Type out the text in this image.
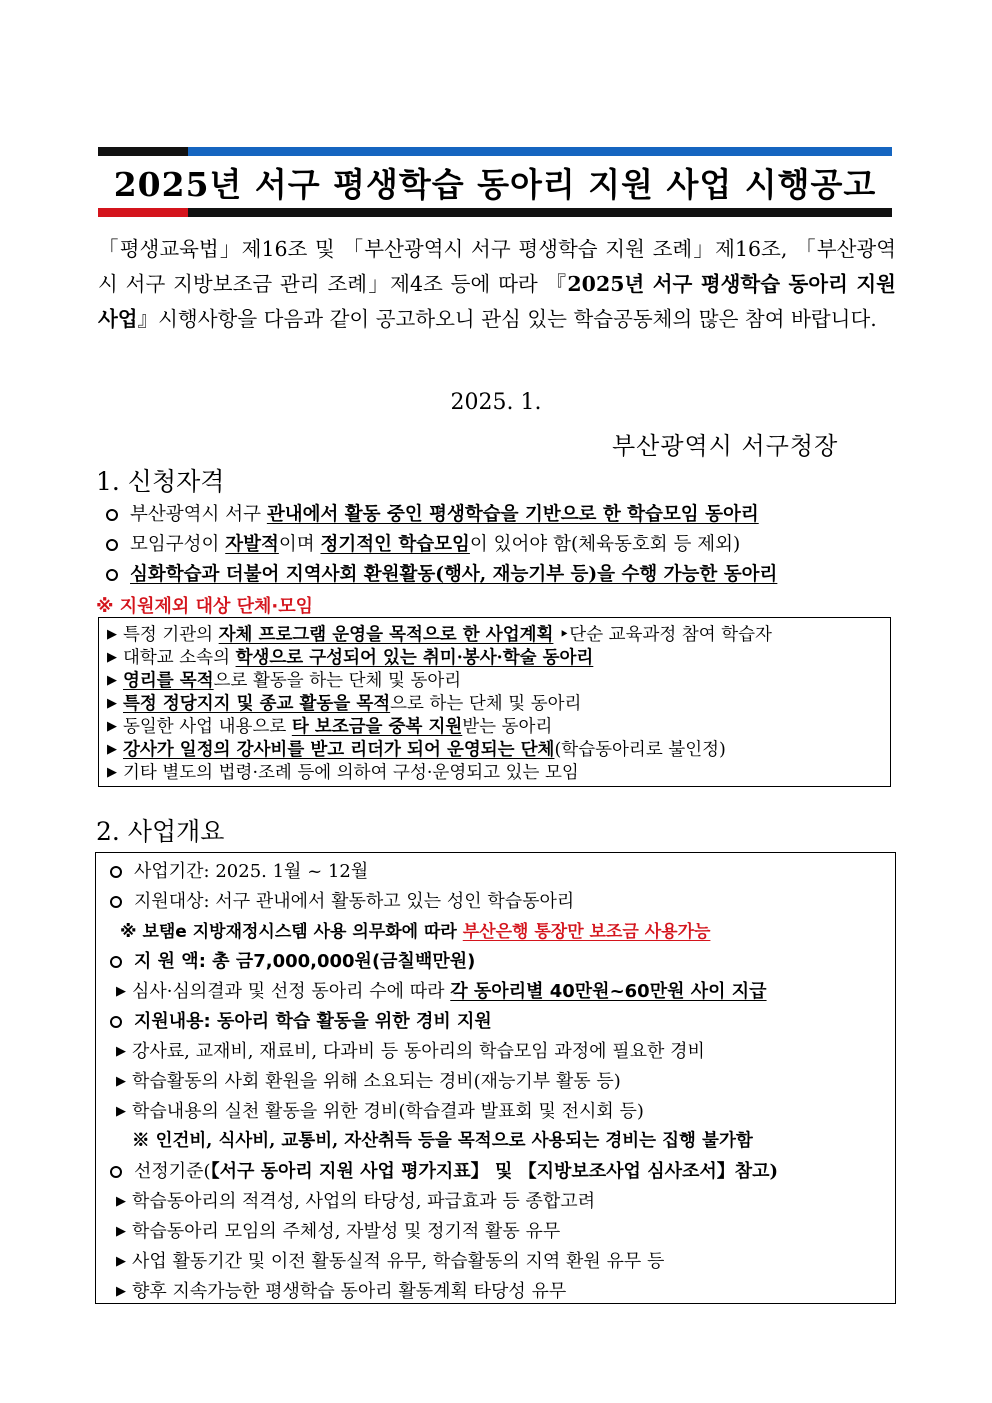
2025년 서구 평생학습 동아리 지원 사업 시행공고
「평생교육법」제16조 및 「부산광역시 서구 평생학습 지원 조례」제16조, 「부산광역시 서구 지방보조금 관리 조례」제4조 등에 따라 『2025년 서구 평생학습 동아리 지원 사업』시행사항을 다음과 같이 공고하오니 관심 있는 학습공동체의 많은 참여 바랍니다.
2025. 1.
부산광역시 서구청장
1. 신청자격
부산광역시 서구 관내에서 활동 중인 평생학습을 기반으로 한 학습모임 동아리
모임구성이 자발적이며 정기적인 학습모임이 있어야 함(체육동호회 등 제외)
심화학습과 더불어 지역사회 환원활동(행사, 재능기부 등)을 수행 가능한 동아리
※ 지원제외 대상 단체·모임
▶ 특정 기관의 자체 프로그램 운영을 목적으로 한 사업계획 ‣단순 교육과정 참여 학습자
▶ 대학교 소속의 학생으로 구성되어 있는 취미·봉사·학술 동아리
▶ 영리를 목적으로 활동을 하는 단체 및 동아리
▶ 특정 정당지지 및 종교 활동을 목적으로 하는 단체 및 동아리
▶ 동일한 사업 내용으로 타 보조금을 중복 지원받는 동아리
▶ 강사가 일정의 강사비를 받고 리더가 되어 운영되는 단체(학습동아리로 불인정)
▶ 기타 별도의 법령·조례 등에 의하여 구성·운영되고 있는 모임
2. 사업개요
사업기간: 2025. 1월 ~ 12월
지원대상: 서구 관내에서 활동하고 있는 성인 학습동아리
※ 보탬e 지방재정시스템 사용 의무화에 따라 부산은행 통장만 보조금 사용가능
지 원 액: 총 금7,000,000원(금칠백만원)
▶ 심사·심의결과 및 선정 동아리 수에 따라 각 동아리별 40만원~60만원 사이 지급
지원내용: 동아리 학습 활동을 위한 경비 지원
▶ 강사료, 교재비, 재료비, 다과비 등 동아리의 학습모임 과정에 필요한 경비
▶ 학습활동의 사회 환원을 위해 소요되는 경비(재능기부 활동 등)
▶ 학습내용의 실천 활동을 위한 경비(학습결과 발표회 및 전시회 등)
※ 인건비, 식사비, 교통비, 자산취득 등을 목적으로 사용되는 경비는 집행 불가함
선정기준(【서구 동아리 지원 사업 평가지표】 및 【지방보조사업 심사조서】참고)
▶ 학습동아리의 적격성, 사업의 타당성, 파급효과 등 종합고려
▶ 학습동아리 모임의 주체성, 자발성 및 정기적 활동 유무
▶ 사업 활동기간 및 이전 활동실적 유무, 학습활동의 지역 환원 유무 등
▶ 향후 지속가능한 평생학습 동아리 활동계획 타당성 유무
